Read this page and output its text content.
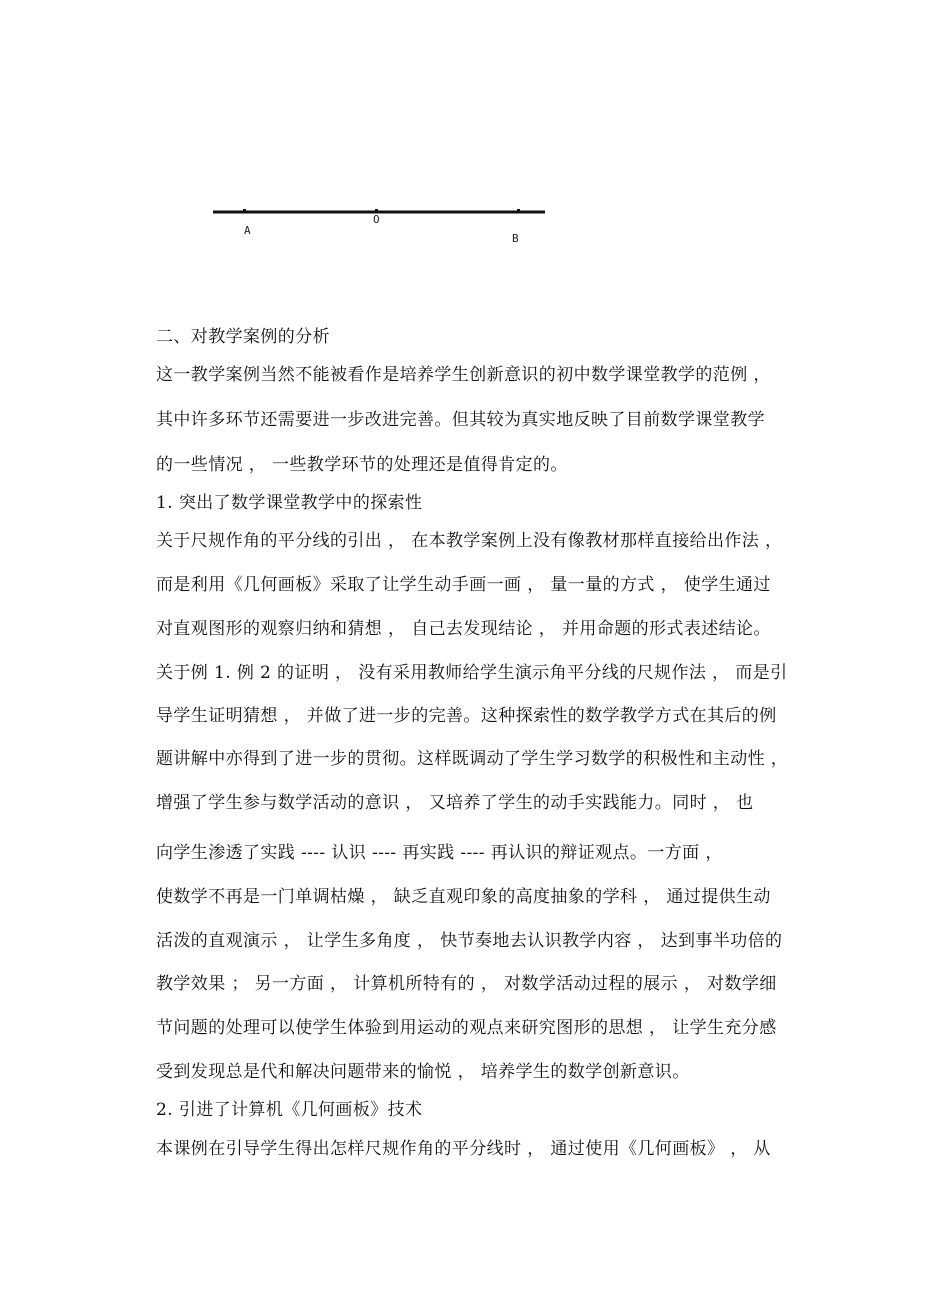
A
O
B
二、对教学案例的分析
这一教学案例当然不能被看作是培养学生创新意识的初中数学课堂教学的范例 ，
其中许多环节还需要进一步改进完善。但其较为真实地反映了目前数学课堂教学
的一些情况 ， 一些教学环节的处理还是值得肯定的。
1. 突出了数学课堂教学中的探索性
关于尺规作角的平分线的引出 ， 在本教学案例上没有像教材那样直接给出作法 ，
而是利用《几何画板》采取了让学生动手画一画 ， 量一量的方式 ， 使学生通过
对直观图形的观察归纳和猜想 ， 自己去发现结论 ， 并用命题的形式表述结论。
关于例 1. 例 2 的证明 ， 没有采用教师给学生演示角平分线的尺规作法 ， 而是引
导学生证明猜想 ， 并做了进一步的完善。这种探索性的数学教学方式在其后的例
题讲解中亦得到了进一步的贯彻。这样既调动了学生学习数学的积极性和主动性 ，
增强了学生参与数学活动的意识 ， 又培养了学生的动手实践能力。同时 ， 也
向学生渗透了实践 ---- 认识 ---- 再实践 ---- 再认识的辩证观点。一方面 ，
使数学不再是一门单调枯燥 ， 缺乏直观印象的高度抽象的学科 ， 通过提供生动
活泼的直观演示 ， 让学生多角度 ， 快节奏地去认识教学内容 ， 达到事半功倍的
教学效果 ； 另一方面 ， 计算机所特有的 ， 对数学活动过程的展示 ， 对数学细
节问题的处理可以使学生体验到用运动的观点来研究图形的思想 ， 让学生充分感
受到发现总是代和解决问题带来的愉悦 ， 培养学生的数学创新意识。
2. 引进了计算机《几何画板》技术
本课例在引导学生得出怎样尺规作角的平分线时 ， 通过使用《几何画板》 ， 从
